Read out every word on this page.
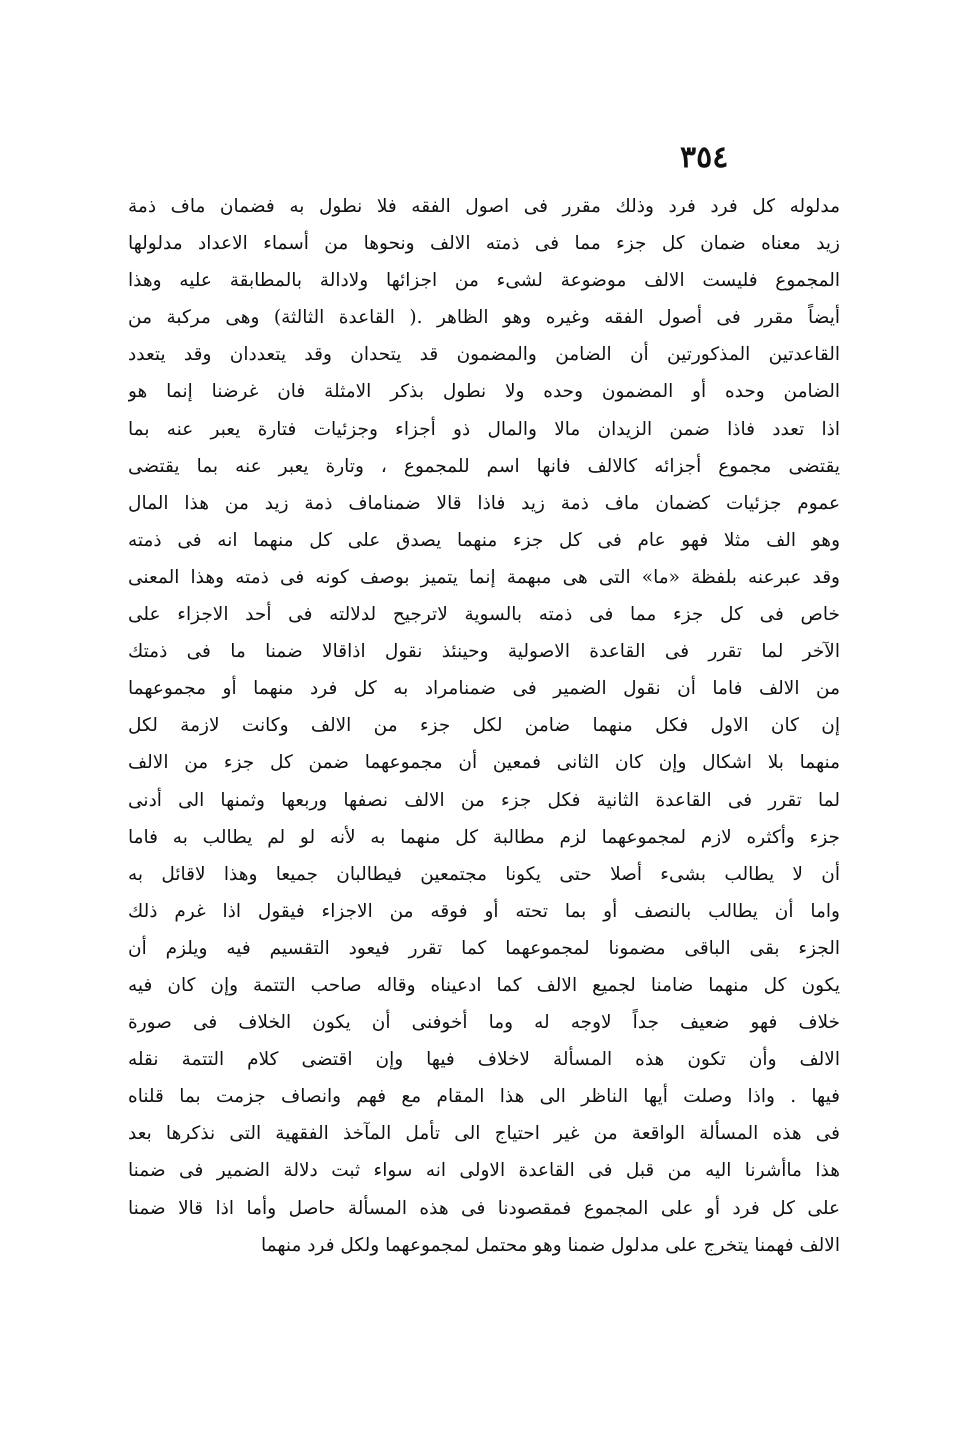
٣٥٤
مدلوله كل فرد فرد وذلك مقرر فى اصول الفقه فلا نطول به فضمان ماف ذمة
زيد معناه ضمان كل جزء مما فى ذمته الالف ونحوها من أسماء الاعداد مدلولها
المجموع فليست الالف موضوعة لشىء من اجزائها ولادالة بالمطابقة عليه وهذا
أيضاً مقرر فى أصول الفقه وغيره وهو الظاهر .( القاعدة الثالثة) وهى مركبة من
القاعدتين المذكورتين أن الضامن والمضمون قد يتحدان وقد يتعددان وقد يتعدد
الضامن وحده أو المضمون وحده ولا نطول بذكر الامثلة فان غرضنا إنما هو
اذا تعدد فاذا ضمن الزيدان مالا والمال ذو أجزاء وجزئيات فتارة يعبر عنه بما
يقتضى مجموع أجزائه كالالف فانها اسم للمجموع ، وتارة يعبر عنه بما يقتضى
عموم جزئيات كضمان ماف ذمة زيد فاذا قالا ضمناماف ذمة زيد من هذا المال
وهو الف مثلا فهو عام فى كل جزء منهما يصدق على كل منهما انه فى ذمته
وقد عبرعنه بلفظة «ما» التى هى مبهمة إنما يتميز بوصف كونه فى ذمته وهذا المعنى
خاص فى كل جزء مما فى ذمته بالسوية لاترجيح لدلالته فى أحد الاجزاء على
الآخر لما تقرر فى القاعدة الاصولية وحينئذ نقول اذاقالا ضمنا ما فى ذمتك
من الالف فاما أن نقول الضمير فى ضمنامراد به كل فرد منهما أو مجموعهما
إن كان الاول فكل منهما ضامن لكل جزء من الالف وكانت لازمة لكل
منهما بلا اشكال وإن كان الثانى فمعين أن مجموعهما ضمن كل جزء من الالف
لما تقرر فى القاعدة الثانية فكل جزء من الالف نصفها وربعها وثمنها الى أدنى
جزء وأكثره لازم لمجموعهما لزم مطالبة كل منهما به لأنه لو لم يطالب به فاما
أن لا يطالب بشىء أصلا حتى يكونا مجتمعين فيطالبان جميعا وهذا لاقائل به
واما أن يطالب بالنصف أو بما تحته أو فوقه من الاجزاء فيقول اذا غرم ذلك
الجزء بقى الباقى مضمونا لمجموعهما كما تقرر فيعود التقسيم فيه ويلزم أن
يكون كل منهما ضامنا لجميع الالف كما ادعيناه وقاله صاحب التتمة وإن كان فيه
خلاف فهو ضعيف جداً لاوجه له وما أخوفنى أن يكون الخلاف فى صورة
الالف وأن تكون هذه المسألة لاخلاف فيها وإن اقتضى كلام التتمة نقله
فيها . واذا وصلت أيها الناظر الى هذا المقام مع فهم وانصاف جزمت بما قلناه
فى هذه المسألة الواقعة من غير احتياج الى تأمل المآخذ الفقهية التى نذكرها بعد
هذا ماأشرنا اليه من قبل فى القاعدة الاولى انه سواء ثبت دلالة الضمير فى ضمنا
على كل فرد أو على المجموع فمقصودنا فى هذه المسألة حاصل وأما اذا قالا ضمنا
الالف فهمنا يتخرج على مدلول ضمنا وهو محتمل لمجموعهما ولكل فرد منهما
